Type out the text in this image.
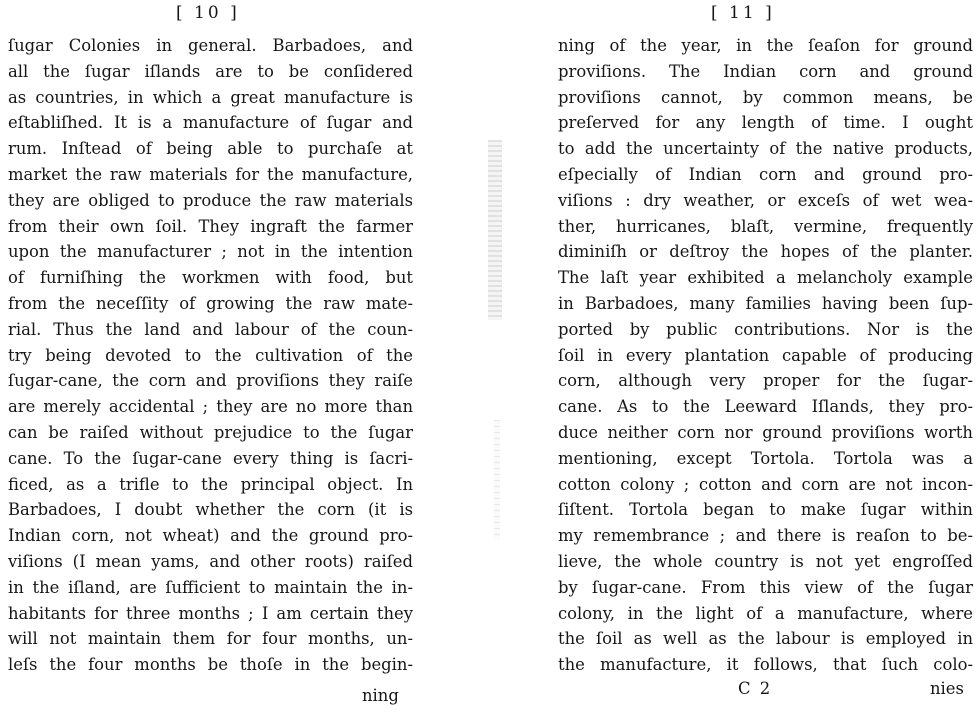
[ 10 ]
ſugar Colonies in general. Barbadoes, and
all the ſugar iſlands are to be conſidered
as countries, in which a great manufacture is
eſtabliſhed. It is a manufacture of ſugar and
rum. Inſtead of being able to purchaſe at
market the raw materials for the manufacture,
they are obliged to produce the raw materials
from their own ſoil. They ingraft the farmer
upon the manufacturer ; not in the intention
of furniſhing the workmen with food, but
from the neceſſity of growing the raw mate-
rial. Thus the land and labour of the coun-
try being devoted to the cultivation of the
ſugar-cane, the corn and proviſions they raiſe
are merely accidental ; they are no more than
can be raiſed without prejudice to the ſugar
cane. To the ſugar-cane every thing is ſacri-
ficed, as a trifle to the principal object. In
Barbadoes, I doubt whether the corn (it is
Indian corn, not wheat) and the ground pro-
viſions (I mean yams, and other roots) raiſed
in the iſland, are ſufficient to maintain the in-
habitants for three months ; I am certain they
will not maintain them for four months, un-
leſs the four months be thoſe in the begin-
ning
[ 11 ]
ning of the year, in the ſeaſon for ground
proviſions. The Indian corn and ground
proviſions cannot, by common means, be
preſerved for any length of time. I ought
to add the uncertainty of the native products,
eſpecially of Indian corn and ground pro-
viſions : dry weather, or exceſs of wet wea-
ther, hurricanes, blaſt, vermine, frequently
diminiſh or deſtroy the hopes of the planter.
The laſt year exhibited a melancholy example
in Barbadoes, many families having been ſup-
ported by public contributions. Nor is the
ſoil in every plantation capable of producing
corn, although very proper for the ſugar-
cane. As to the Leeward Iſlands, they pro-
duce neither corn nor ground proviſions worth
mentioning, except Tortola. Tortola was a
cotton colony ; cotton and corn are not incon-
ſiſtent. Tortola began to make ſugar within
my remembrance ; and there is reaſon to be-
lieve, the whole country is not yet engroſſed
by ſugar-cane. From this view of the ſugar
colony, in the light of a manufacture, where
the ſoil as well as the labour is employed in
the manufacture, it follows, that ſuch colo-
C 2	nies
